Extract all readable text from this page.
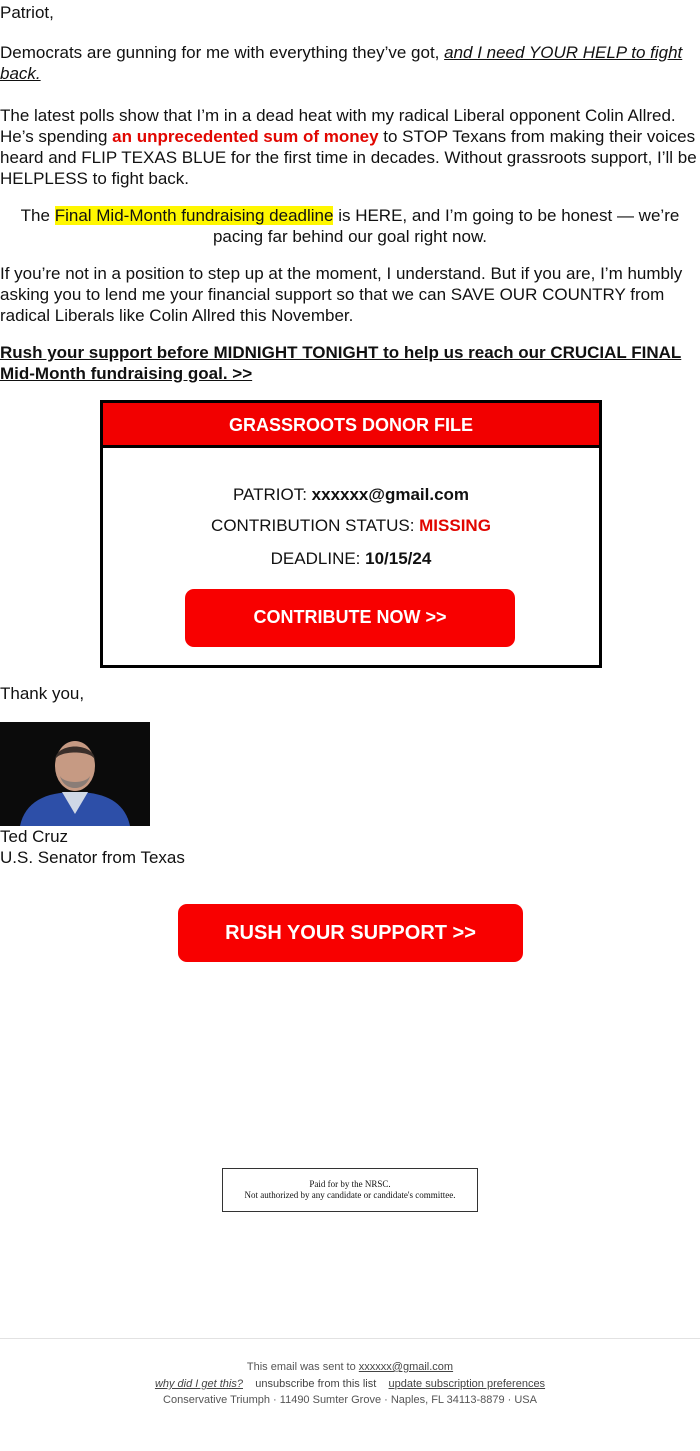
Patriot,

Democrats are gunning for me with everything they’ve got, and I need YOUR HELP to fight back.

The latest polls show that I’m in a dead heat with my radical Liberal opponent Colin Allred. He’s spending an unprecedented sum of money to STOP Texans from making their voices heard and FLIP TEXAS BLUE for the first time in decades. Without grassroots support, I’ll be HELPLESS to fight back.

The Final Mid-Month fundraising deadline is HERE, and I’m going to be honest — we’re pacing far behind our goal right now.

If you’re not in a position to step up at the moment, I understand. But if you are, I’m humbly asking you to lend me your financial support so that we can SAVE OUR COUNTRY from radical Liberals like Colin Allred this November.

Rush your support before MIDNIGHT TONIGHT to help us reach our CRUCIAL FINAL Mid-Month fundraising goal. >>

GRASSROOTS DONOR FILE
PATRIOT: xxxxxx@gmail.com
CONTRIBUTION STATUS: MISSING
DEADLINE: 10/15/24
CONTRIBUTE NOW >>

Thank you,

Ted Cruz

U.S. Senator from Texas

RUSH YOUR SUPPORT >>
Paid for by the NRSC.
Not authorized by any candidate or candidate's committee.
This email was sent to xxxxxx@gmail.com
why did I get this? unsubscribe from this list update subscription preferences
Conservative Triumph · 11490 Sumter Grove · Naples, FL 34113-8879 · USA
